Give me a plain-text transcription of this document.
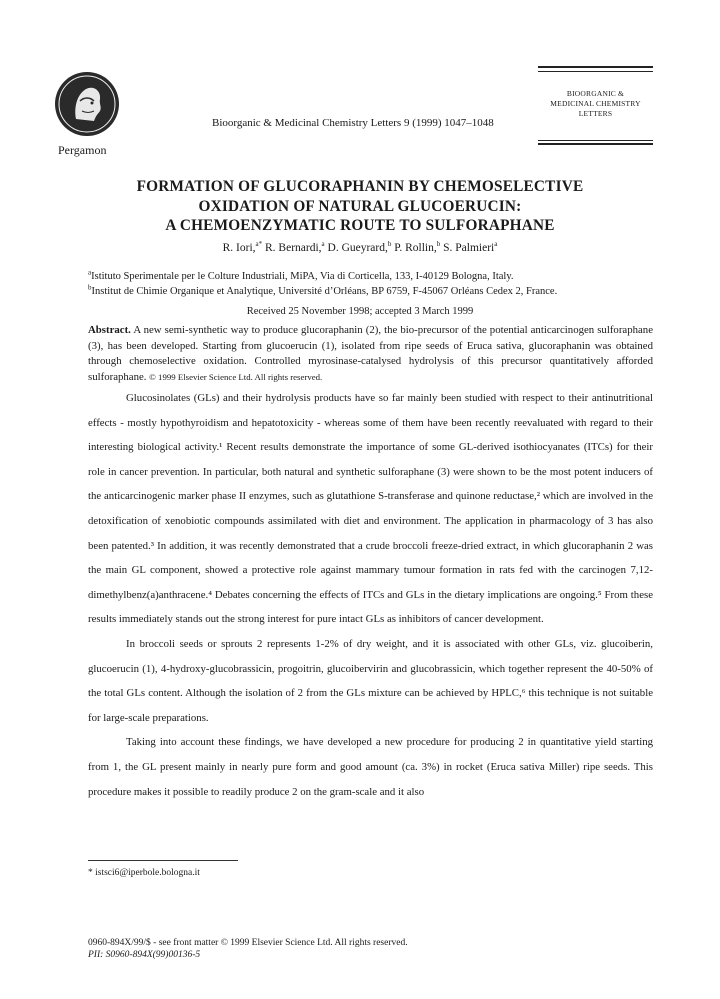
Pergamon
Bioorganic & Medicinal Chemistry Letters 9 (1999) 1047–1048
BIOORGANIC &
MEDICINAL CHEMISTRY
LETTERS
FORMATION OF GLUCORAPHANIN BY CHEMOSELECTIVE
OXIDATION OF NATURAL GLUCOERUCIN:
A CHEMOENZYMATIC ROUTE TO SULFORAPHANE
R. Iori,$^{a*}$ R. Bernardi,$^a$ D. Gueyrard,$^b$ P. Rollin,$^b$ S. Palmieri$^a$
$^a$Istituto Sperimentale per le Colture Industriali, MiPA, Via di Corticella, 133, I-40129 Bologna, Italy.
$^b$Institut de Chimie Organique et Analytique, Université d’Orléans, BP 6759, F-45067 Orléans Cedex 2, France.
Received 25 November 1998; accepted 3 March 1999
Abstract. A new semi-synthetic way to produce glucoraphanin (2), the bio-precursor of the potential anticarcinogen sulforaphane (3), has been developed. Starting from glucoerucin (1), isolated from ripe seeds of Eruca sativa, glucoraphanin was obtained through chemoselective oxidation. Controlled myrosinase-catalysed hydrolysis of this precursor quantitatively afforded sulforaphane. © 1999 Elsevier Science Ltd. All rights reserved.

Glucosinolates (GLs) and their hydrolysis products have so far mainly been studied with respect to their antinutritional effects - mostly hypothyroidism and hepatotoxicity - whereas some of them have been recently reevaluated with regard to their interesting biological activity.¹ Recent results demonstrate the importance of some GL-derived isothiocyanates (ITCs) for their role in cancer prevention. In particular, both natural and synthetic sulforaphane (3) were shown to be the most potent inducers of the anticarcinogenic marker phase II enzymes, such as glutathione S-transferase and quinone reductase,² which are involved in the detoxification of xenobiotic compounds assimilated with diet and environment. The application in pharmacology of 3 has also been patented.³ In addition, it was recently demonstrated that a crude broccoli freeze-dried extract, in which glucoraphanin 2 was the main GL component, showed a protective role against mammary tumour formation in rats fed with the carcinogen 7,12-dimethylbenz(a)anthracene.⁴ Debates concerning the effects of ITCs and GLs in the dietary implications are ongoing.⁵ From these results immediately stands out the strong interest for pure intact GLs as inhibitors of cancer development.

In broccoli seeds or sprouts 2 represents 1-2% of dry weight, and it is associated with other GLs, viz. glucoiberin, glucoerucin (1), 4-hydroxy-glucobrassicin, progoitrin, glucoibervirin and glucobrassicin, which together represent the 40-50% of the total GLs content. Although the isolation of 2 from the GLs mixture can be achieved by HPLC,⁶ this technique is not suitable for large-scale preparations.

Taking into account these findings, we have developed a new procedure for producing 2 in quantitative yield starting from 1, the GL present mainly in nearly pure form and good amount (ca. 3%) in rocket (Eruca sativa Miller) ripe seeds. This procedure makes it possible to readily produce 2 on the gram-scale and it also

* istsci6@iperbole.bologna.it
0960-894X/99/$ - see front matter © 1999 Elsevier Science Ltd. All rights reserved.
PII: S0960-894X(99)00136-5
